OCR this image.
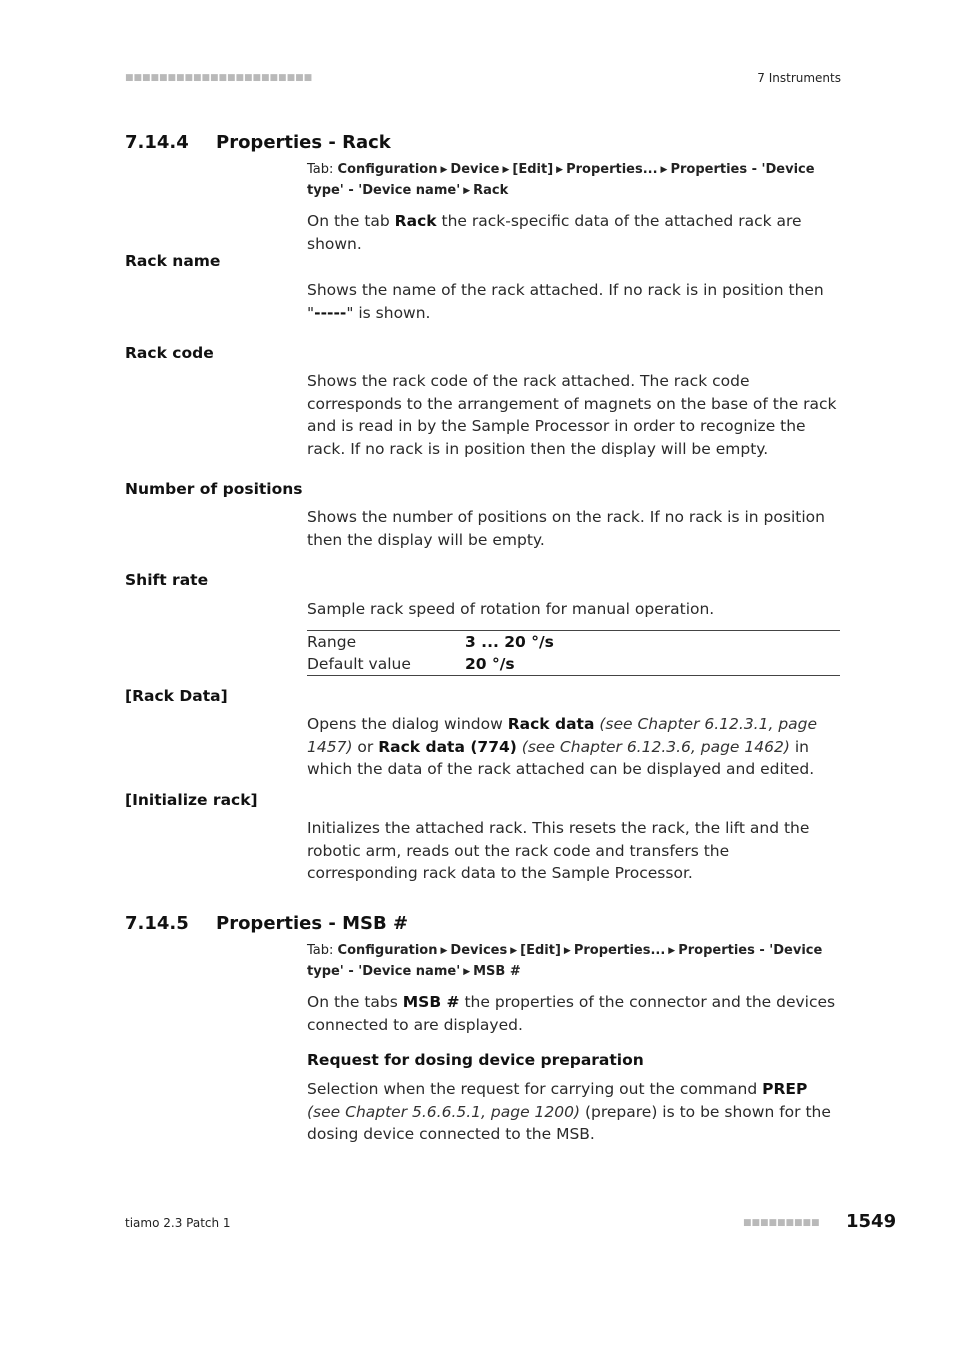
■■■■■■■■■■■■■■■■■■■■■■	7 Instruments
7.14.4 Properties - Rack
Tab: Configuration ▶ Device ▶ [Edit] ▶ Properties... ▶ Properties - 'Device type' - 'Device name' ▶ Rack
On the tab Rack the rack-specific data of the attached rack are shown.
Rack name
Shows the name of the rack attached. If no rack is in position then "-----" is shown.
Rack code
Shows the rack code of the rack attached. The rack code corresponds to the arrangement of magnets on the base of the rack and is read in by the Sample Processor in order to recognize the rack. If no rack is in position then the display will be empty.
Number of positions
Shows the number of positions on the rack. If no rack is in position then the display will be empty.
Shift rate
Sample rack speed of rotation for manual operation.
Range	3 ... 20 °/s
Default value	20 °/s
[Rack Data]
Opens the dialog window Rack data (see Chapter 6.12.3.1, page 1457) or Rack data (774) (see Chapter 6.12.3.6, page 1462) in which the data of the rack attached can be displayed and edited.
[Initialize rack]
Initializes the attached rack. This resets the rack, the lift and the robotic arm, reads out the rack code and transfers the corresponding rack data to the Sample Processor.
7.14.5 Properties - MSB #
Tab: Configuration ▶ Devices ▶ [Edit] ▶ Properties... ▶ Properties - 'Device type' - 'Device name' ▶ MSB #
On the tabs MSB # the properties of the connector and the devices connected to are displayed.
Request for dosing device preparation
Selection when the request for carrying out the command PREP (see Chapter 5.6.6.5.1, page 1200) (prepare) is to be shown for the dosing device connected to the MSB.
tiamo 2.3 Patch 1	■■■■■■■■■ 1549
